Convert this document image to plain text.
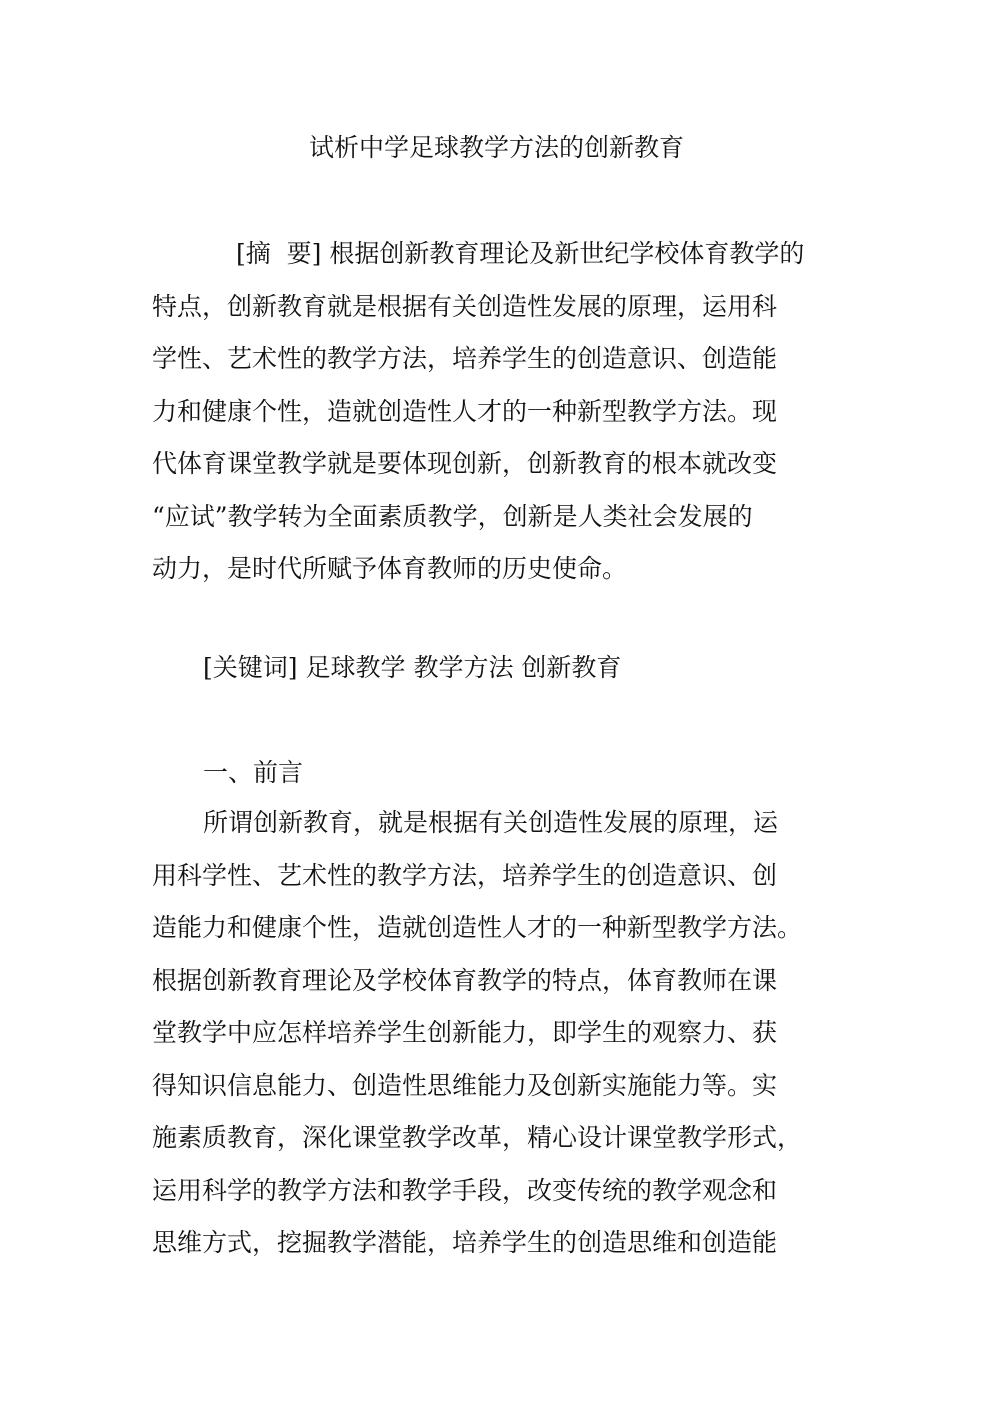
试析中学足球教学方法的创新教育
[摘  要] 根据创新教育理论及新世纪学校体育教学的
特点，创新教育就是根据有关创造性发展的原理，运用科
学性、艺术性的教学方法，培养学生的创造意识、创造能
力和健康个性，造就创造性人才的一种新型教学方法。现
代体育课堂教学就是要体现创新，创新教育的根本就改变
“应试”教学转为全面素质教学，创新是人类社会发展的
动力，是时代所赋予体育教师的历史使命。
[关键词] 足球教学 教学方法 创新教育
一、前言
所谓创新教育，就是根据有关创造性发展的原理，运
用科学性、艺术性的教学方法，培养学生的创造意识、创
造能力和健康个性，造就创造性人才的一种新型教学方法。
根据创新教育理论及学校体育教学的特点，体育教师在课
堂教学中应怎样培养学生创新能力，即学生的观察力、获
得知识信息能力、创造性思维能力及创新实施能力等。实
施素质教育，深化课堂教学改革，精心设计课堂教学形式，
运用科学的教学方法和教学手段，改变传统的教学观念和
思维方式，挖掘教学潜能，培养学生的创造思维和创造能
